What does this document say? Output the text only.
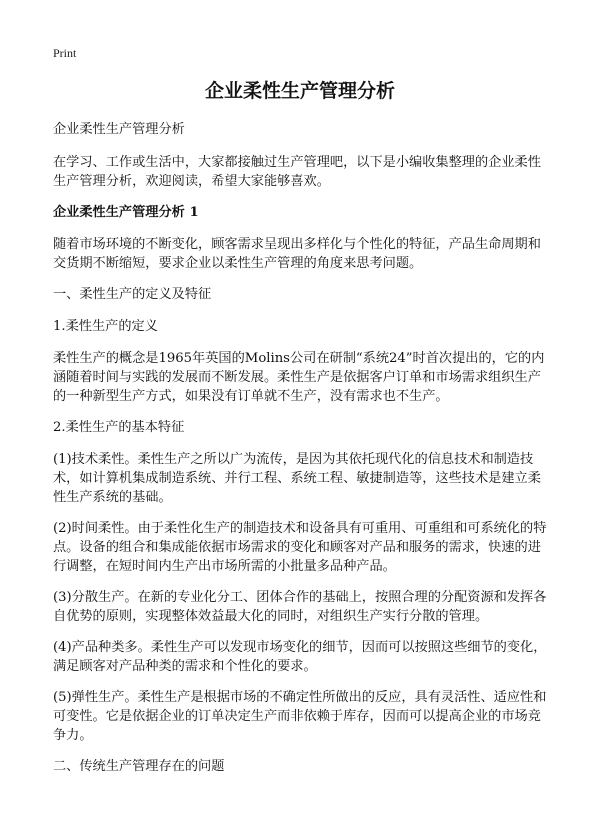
Print
企业柔性生产管理分析

企业柔性生产管理分析

在学习、工作或生活中，大家都接触过生产管理吧，以下是小编收集整理的企业柔性生产管理分析，欢迎阅读，希望大家能够喜欢。

企业柔性生产管理分析 1

随着市场环境的不断变化，顾客需求呈现出多样化与个性化的特征，产品生命周期和交货期不断缩短，要求企业以柔性生产管理的角度来思考问题。

一、柔性生产的定义及特征

1.柔性生产的定义

柔性生产的概念是1965年英国的Molins公司在研制“系统24”时首次提出的，它的内涵随着时间与实践的发展而不断发展。柔性生产是依据客户订单和市场需求组织生产的一种新型生产方式，如果没有订单就不生产，没有需求也不生产。

2.柔性生产的基本特征

(1)技术柔性。柔性生产之所以广为流传，是因为其依托现代化的信息技术和制造技术，如计算机集成制造系统、并行工程、系统工程、敏捷制造等，这些技术是建立柔性生产系统的基础。

(2)时间柔性。由于柔性化生产的制造技术和设备具有可重用、可重组和可系统化的特点。设备的组合和集成能依据市场需求的变化和顾客对产品和服务的需求，快速的进行调整，在短时间内生产出市场所需的小批量多品种产品。

(3)分散生产。在新的专业化分工、团体合作的基础上，按照合理的分配资源和发挥各自优势的原则，实现整体效益最大化的同时，对组织生产实行分散的管理。

(4)产品种类多。柔性生产可以发现市场变化的细节，因而可以按照这些细节的变化，满足顾客对产品种类的需求和个性化的要求。

(5)弹性生产。柔性生产是根据市场的不确定性所做出的反应，具有灵活性、适应性和可变性。它是依据企业的订单决定生产而非依赖于库存，因而可以提高企业的市场竞争力。

二、传统生产管理存在的问题
